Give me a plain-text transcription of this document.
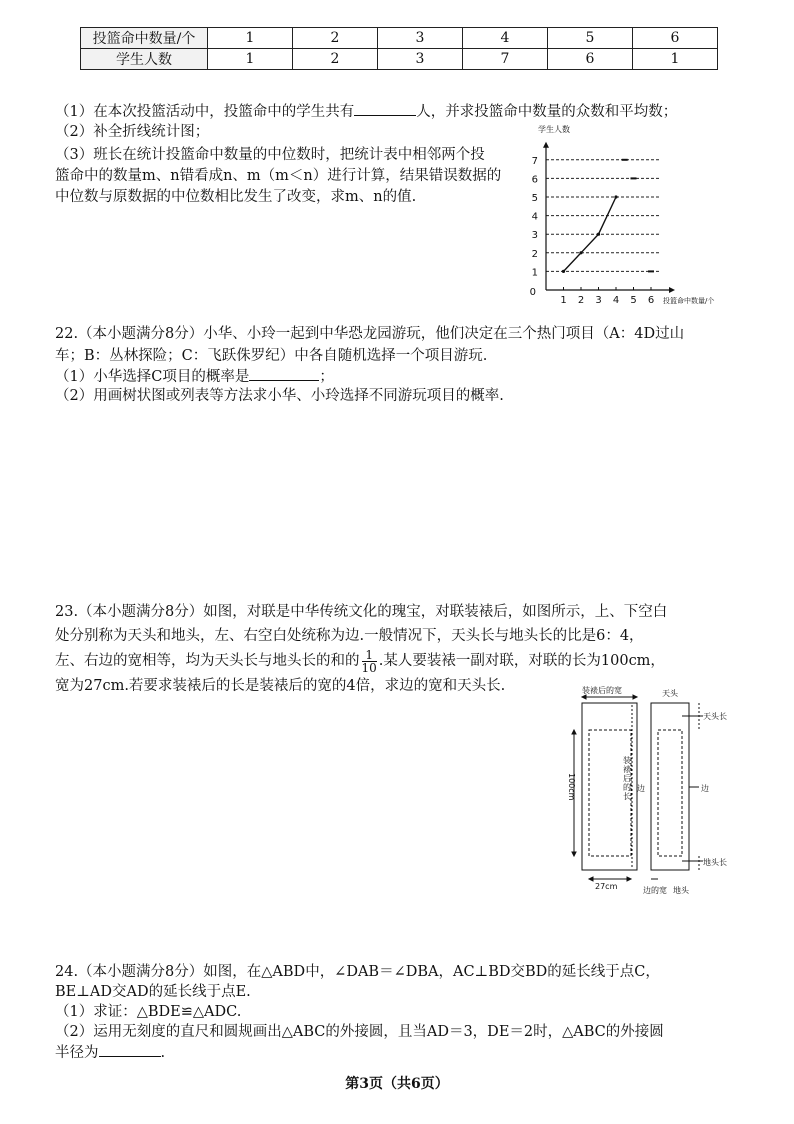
投篮命中数量/个	1	2	3	4	5	6
学生人数	1	2	3	7	6	1
（1）在本次投篮活动中，投篮命中的学生共有	人，并求投篮命中数量的众数和平均数；
（2）补全折线统计图；
（3）班长在统计投篮命中数量的中位数时，把统计表中相邻两个投
篮命中的数量m、n错看成n、m（m＜n）进行计算，结果错误数据的
中位数与原数据的中位数相比发生了改变，求m、n的值.
1 2 3 4 5 6
1
2
3
4
5
6
7
0
学生人数
投篮命中数量/个
22.（本小题满分8分）小华、小玲一起到中华恐龙园游玩，他们决定在三个热门项目（A：4D过山
车；B：丛林探险；C：飞跃侏罗纪）中各自随机选择一个项目游玩.
（1）小华选择C项目的概率是	；
（2）用画树状图或列表等方法求小华、小玲选择不同游玩项目的概率.
23.（本小题满分8分）如图，对联是中华传统文化的瑰宝，对联装裱后，如图所示，上、下空白
处分别称为天头和地头，左、右空白处统称为边.一般情况下，天头长与地头长的比是6：4，
左、右边的宽相等，均为天头长与地头长的和的 $\frac{1}{10}$ .某人要装裱一副对联，对联的长为100cm，
宽为27cm.若要求装裱后的长是装裱后的宽的4倍，求边的宽和天头长.	装裱后的宽	天头
天头长
边
边
地头长
27cm	边的宽 地头
100cm
装裱后的长
24.（本小题满分8分）如图，在△ABD中，∠DAB＝∠DBA，AC⊥BD交BD的延长线于点C，
BE⊥AD交AD的延长线于点E.
（1）求证：△BDE≌△ADC.
（2）运用无刻度的直尺和圆规画出△ABC的外接圆，且当AD＝3，DE＝2时，△ABC的外接圆
半径为	.
第3页（共6页）
